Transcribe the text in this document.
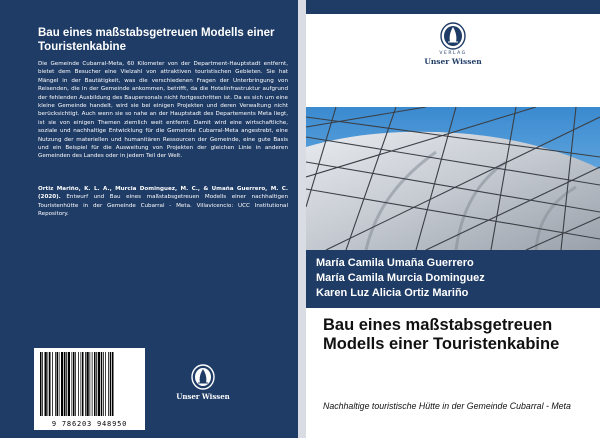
Bau eines maßstabsgetreuen Modells einer Touristenkabine

Die Gemeinde Cubarral-Meta, 60 Kilometer von der Department-Hauptstadt entfernt, bietet dem Besucher eine Vielzahl von attraktiven touristischen Gebieten. Sie hat Mängel in der Bautätigkeit, was die verschiedenen Fragen der Unterbringung von Reisenden, die in der Gemeinde ankommen, betrifft, da die Hotelinfrastruktur aufgrund der fehlenden Ausbildung des Baupersonals nicht fortgeschritten ist. Da es sich um eine kleine Gemeinde handelt, wird sie bei einigen Projekten und deren Verwaltung nicht berücksichtigt. Auch wenn sie so nahe an der Hauptstadt des Departements Meta liegt, ist sie von einigen Themen ziemlich weit entfernt. Damit wird eine wirtschaftliche, soziale und nachhaltige Entwicklung für die Gemeinde Cubarral-Meta angestrebt, eine Nutzung der materiellen und humanitären Ressourcen der Gemeinde, eine gute Basis und ein Beispiel für die Ausweitung von Projekten der gleichen Linie in anderen Gemeinden des Landes oder in jedem Teil der Welt.

Ortiz Mariño, K. L. A., Murcia Dominguez, M. C., & Umaña Guerrero, M. C. (2020). Entwurf und Bau eines maßstabsgetreuen Modells einer nachhaltigen Touristenhütte in der Gemeinde Cubarral - Meta. Villavicencio: UCC Institutional Repository.

9 786203 948950
Unser Wissen
VERLAG
Unser Wissen
María Camila Umaña Guerrero
María Camila Murcia Dominguez
Karen Luz Alicia Ortiz Mariño
Bau eines maßstabsgetreuen Modells einer Touristenkabine
Nachhaltige touristische Hütte in der Gemeinde Cubarral - Meta
